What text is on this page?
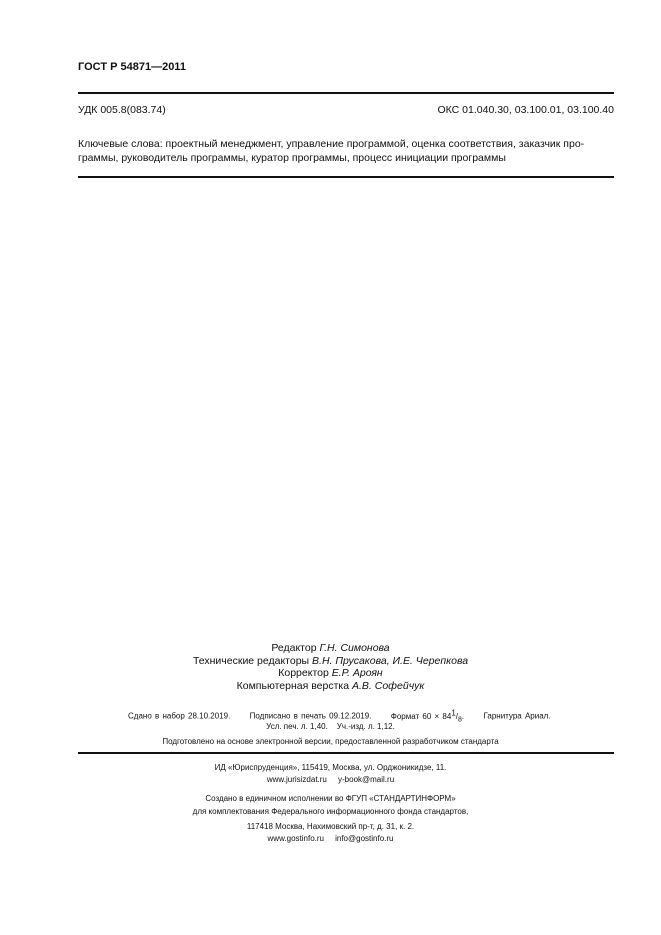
ГОСТ Р 54871—2011
УДК 005.8(083.74)	ОКС 01.040.30, 03.100.01, 03.100.40
Ключевые слова: проектный менеджмент, управление программой, оценка соответствия, заказчик про-
граммы, руководитель программы, куратор программы, процесс инициации программы
Редактор Г.Н. Симонова
Технические редакторы В.Н. Прусакова, И.Е. Черепкова
Корректор Е.Р. Ароян
Компьютерная верстка А.В. Софейчук
Сдано в набор 28.10.2019. Подписано в печать 09.12.2019. Формат $60 \times 84^1/_8$. Гарнитура Ариал.
Усл. печ. л. 1,40. Уч.-изд. л. 1,12.
Подготовлено на основе электронной версии, предоставленной разработчиком стандарта
ИД «Юриспруденция», 115419, Москва, ул. Орджоникидзе, 11.
www.jurisizdat.ru y-book@mail.ru
Создано в единичном исполнении во ФГУП «СТАНДАРТИНФОРМ»
для комплектования Федерального информационного фонда стандартов,
117418 Москва, Нахимовский пр-т, д. 31, к. 2.
www.gostinfo.ru info@gostinfo.ru
